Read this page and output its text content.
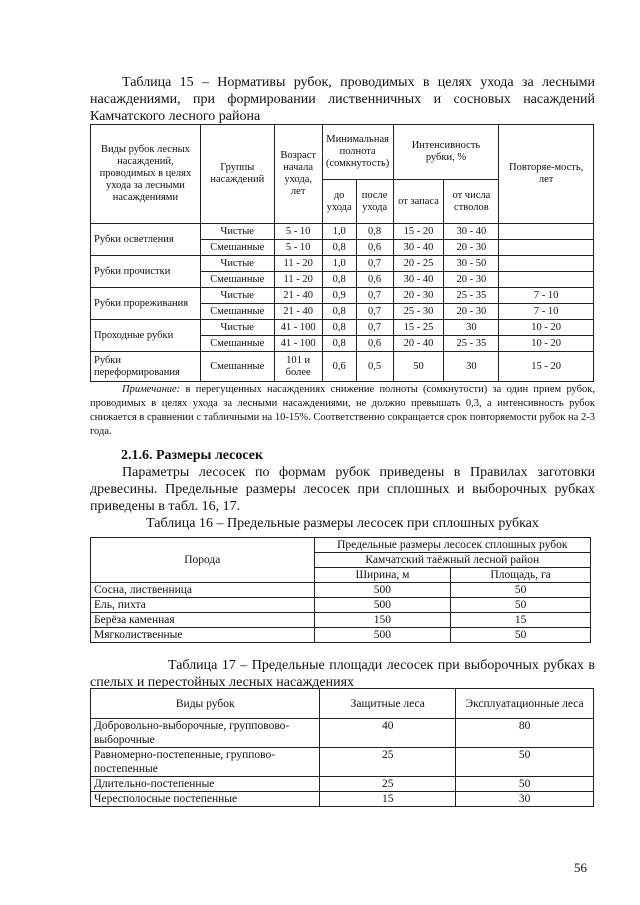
Таблица 15 – Нормативы рубок, проводимых в целях ухода за лесными насаждениями, при формировании лиственничных и сосновых насаждений Камчатского лесного района
Виды рубок лесных насаждений, проводимых в целях ухода за лесными насаждениями	Группы насаждений	Возраст начала ухода, лет	Минимальная полнота (сомкнутость)		Интенсивность рубки, %		Повторяе-мость, лет
			до ухода	после ухода	от запаса	от числа стволов	
Рубки осветления	Чистые	5 - 10	1,0	0,8	15 - 20	30 - 40	
	Смешанные	5 - 10	0,8	0,6	30 - 40	20 - 30	
Рубки прочистки	Чистые	11 - 20	1,0	0,7	20 - 25	30 - 50	
	Смешанные	11 - 20	0,8	0,6	30 - 40	20 - 30	
Рубки прореживания	Чистые	21 - 40	0,9	0,7	20 - 30	25 - 35	7 - 10
	Смешанные	21 - 40	0,8	0,7	25 - 30	20 - 30	7 - 10
Проходные рубки	Чистые	41 - 100	0,8	0,7	15 - 25	30	10 - 20
	Смешанные	41 - 100	0,8	0,6	20 - 40	25 - 35	10 - 20
Рубки переформирования	Смешанные	101 и более	0,6	0,5	50	30	15 - 20
Примечание: в перегущенных насаждениях снижение полноты (сомкнутости) за один прием рубок, проводимых в целях ухода за лесными насаждениями, не должно превышать 0,3, а интенсивность рубок снижается в сравнении с табличными на 10-15%. Соответственно сокращается срок повторяемости рубок на 2-3 года.
2.1.6. Размеры лесосек
Параметры лесосек по формам рубок приведены в Правилах заготовки древесины. Предельные размеры лесосек при сплошных и выборочных рубках приведены в табл. 16, 17.
Таблица 16 – Предельные размеры лесосек при сплошных рубках
Порода	Предельные размеры лесосек сплошных рубок	
	Камчатский таёжный лесной район	
	Ширина, м	Площадь, га
Сосна, лиственница	500	50
Ель, пихта	500	50
Берёза каменная	150	15
Мягколиственные	500	50
Таблица 17 – Предельные площади лесосек при выборочных рубках в спелых и перестойных лесных насаждениях
Виды рубок	Защитные леса	Эксплуатационные леса
Добровольно-выборочные, групповово-выборочные	40	80
Равномерно-постепенные, группово-постепенные	25	50
Длительно-постепенные	25	50
Чересполосные постепенные	15	30
56
